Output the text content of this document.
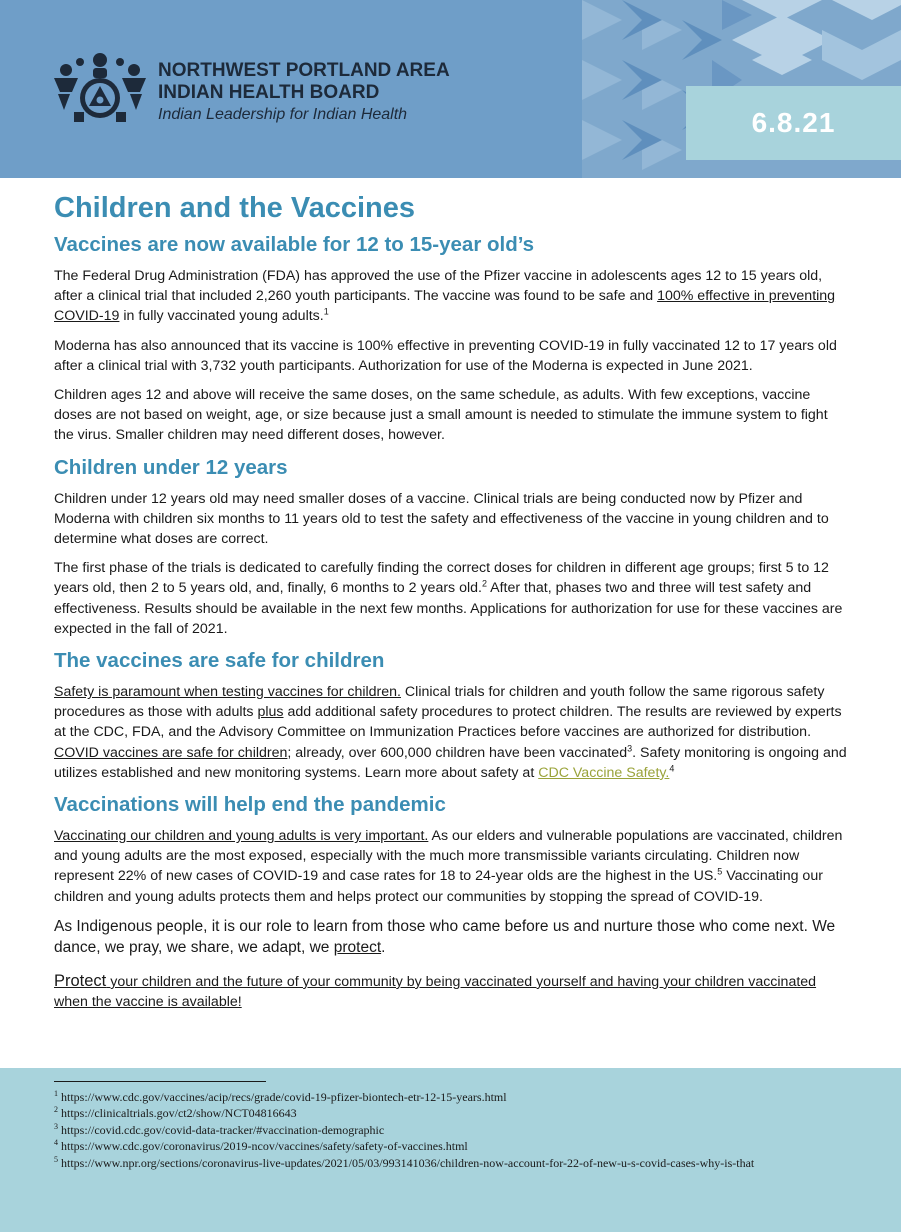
6.8.21
NORTHWEST PORTLAND AREA
INDIAN HEALTH BOARD
Indian Leadership for Indian Health
Children and the Vaccines
Vaccines are now available for 12 to 15-year old’s

The Federal Drug Administration (FDA) has approved the use of the Pfizer vaccine in adolescents ages 12 to 15 years old, after a clinical trial that included 2,260 youth participants. The vaccine was found to be safe and 100% effective in preventing COVID-19 in fully vaccinated young adults.$^1$

Moderna has also announced that its vaccine is 100% effective in preventing COVID-19 in fully vaccinated 12 to 17 years old after a clinical trial with 3,732 youth participants. Authorization for use of the Moderna is expected in June 2021.

Children ages 12 and above will receive the same doses, on the same schedule, as adults. With few exceptions, vaccine doses are not based on weight, age, or size because just a small amount is needed to stimulate the immune system to fight the virus. Smaller children may need different doses, however.

Children under 12 years

Children under 12 years old may need smaller doses of a vaccine. Clinical trials are being conducted now by Pfizer and Moderna with children six months to 11 years old to test the safety and effectiveness of the vaccine in young children and to determine what doses are correct.

The first phase of the trials is dedicated to carefully finding the correct doses for children in different age groups; first 5 to 12 years old, then 2 to 5 years old, and, finally, 6 months to 2 years old.$^2$ After that, phases two and three will test safety and effectiveness. Results should be available in the next few months. Applications for authorization for use for these vaccines are expected in the fall of 2021.

The vaccines are safe for children

Safety is paramount when testing vaccines for children. Clinical trials for children and youth follow the same rigorous safety procedures as those with adults plus add additional safety procedures to protect children. The results are reviewed by experts at the CDC, FDA, and the Advisory Committee on Immunization Practices before vaccines are authorized for distribution. COVID vaccines are safe for children; already, over 600,000 children have been vaccinated$^3$. Safety monitoring is ongoing and utilizes established and new monitoring systems. Learn more about safety at CDC Vaccine Safety.$^4$

Vaccinations will help end the pandemic

Vaccinating our children and young adults is very important. As our elders and vulnerable populations are vaccinated, children and young adults are the most exposed, especially with the much more transmissible variants circulating. Children now represent 22% of new cases of COVID-19 and case rates for 18 to 24-year olds are the highest in the US.$^5$ Vaccinating our children and young adults protects them and helps protect our communities by stopping the spread of COVID-19.

As Indigenous people, it is our role to learn from those who came before us and nurture those who come next. We dance, we pray, we share, we adapt, we protect.

Protect your children and the future of your community by being vaccinated yourself and having your children vaccinated when the vaccine is available!

$^1$ https://www.cdc.gov/vaccines/acip/recs/grade/covid-19-pfizer-biontech-etr-12-15-years.html
$^2$ https://clinicaltrials.gov/ct2/show/NCT04816643
$^3$ https://covid.cdc.gov/covid-data-tracker/#vaccination-demographic
$^4$ https://www.cdc.gov/coronavirus/2019-ncov/vaccines/safety/safety-of-vaccines.html
$^5$ https://www.npr.org/sections/coronavirus-live-updates/2021/05/03/993141036/children-now-account-for-22-of-new-u-s-covid-cases-why-is-that
